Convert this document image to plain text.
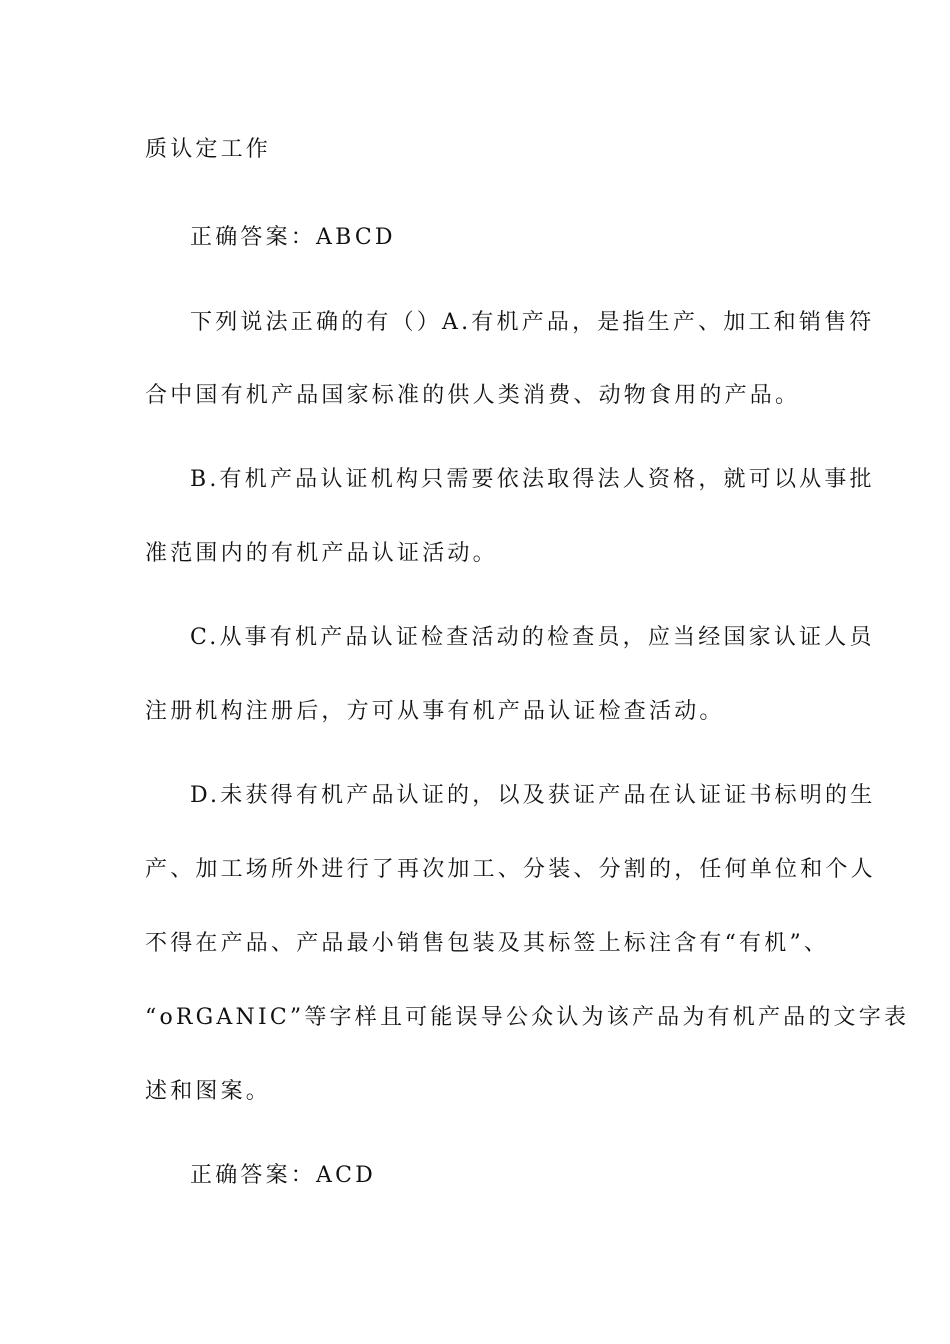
质认定工作
正确答案：ABCD
下列说法正确的有（）A.有机产品，是指生产、加工和销售符
合中国有机产品国家标准的供人类消费、动物食用的产品。
B.有机产品认证机构只需要依法取得法人资格，就可以从事批
准范围内的有机产品认证活动。
C.从事有机产品认证检查活动的检查员，应当经国家认证人员
注册机构注册后，方可从事有机产品认证检查活动。
D.未获得有机产品认证的，以及获证产品在认证证书标明的生
产、加工场所外进行了再次加工、分装、分割的，任何单位和个人
不得在产品、产品最小销售包装及其标签上标注含有“有机”、
“oRGANIC”等字样且可能误导公众认为该产品为有机产品的文字表
述和图案。
正确答案：ACD
